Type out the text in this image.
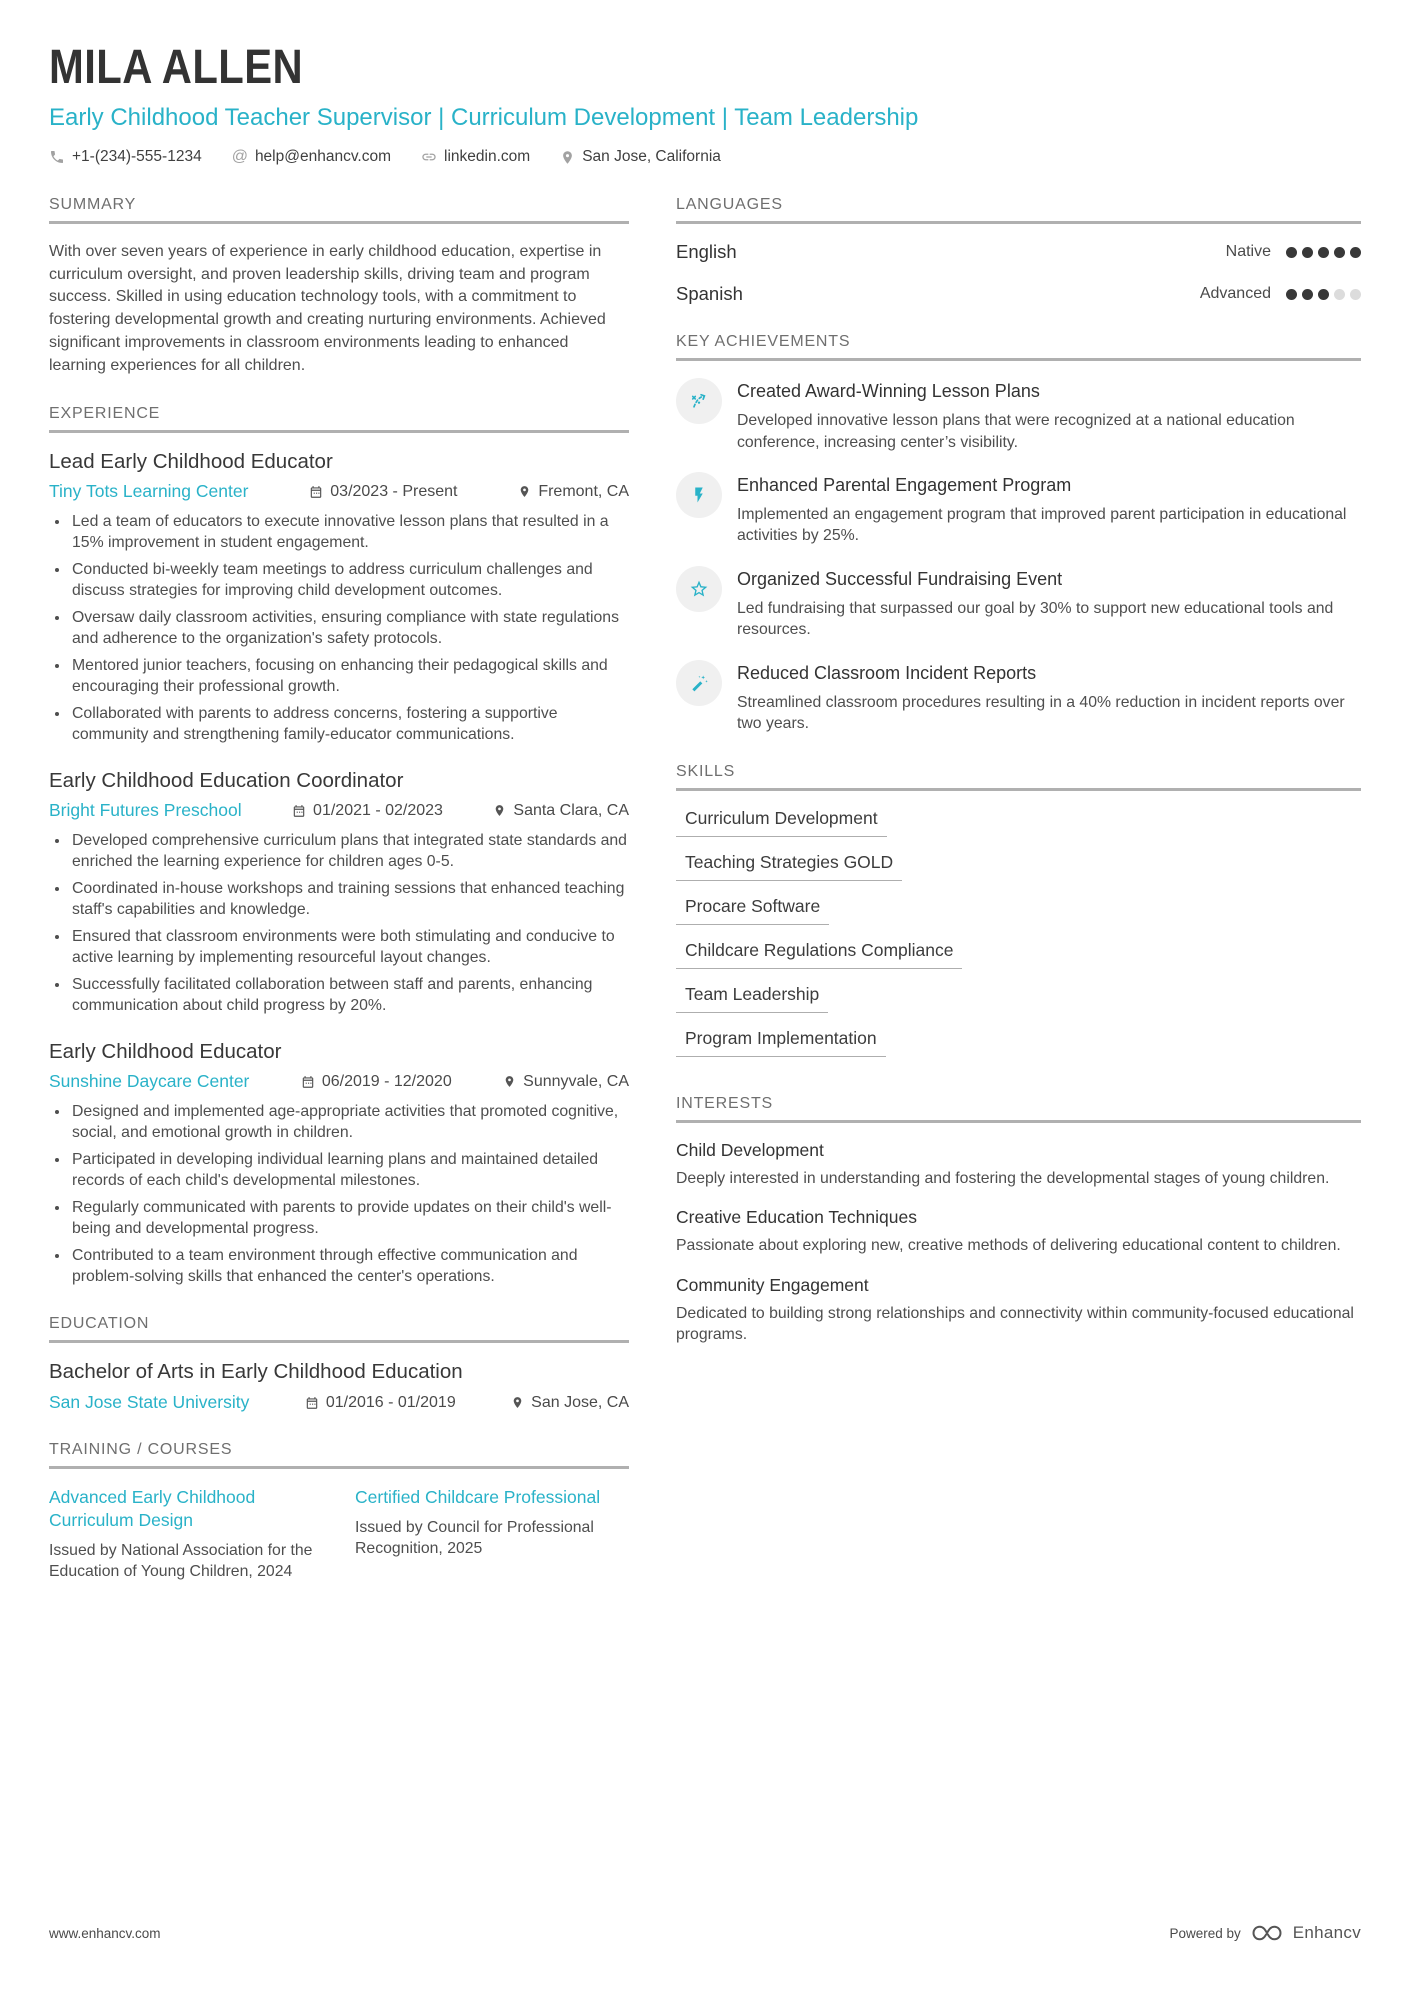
MILA ALLEN
Early Childhood Teacher Supervisor | Curriculum Development | Team Leadership
+1-(234)-555-1234 @ help@enhancv.com	linkedin.com	San Jose, California
SUMMARY
With over seven years of experience in early childhood education, expertise in curriculum oversight, and proven leadership skills, driving team and program success. Skilled in using education technology tools, with a commitment to fostering developmental growth and creating nurturing environments. Achieved significant improvements in classroom environments leading to enhanced learning experiences for all children.
EXPERIENCE
Lead Early Childhood Educator
Tiny Tots Learning Center	03/2023 - Present	Fremont, CA
• Led a team of educators to execute innovative lesson plans that resulted in a 15% improvement in student engagement.
• Conducted bi-weekly team meetings to address curriculum challenges and discuss strategies for improving child development outcomes.
• Oversaw daily classroom activities, ensuring compliance with state regulations and adherence to the organization's safety protocols.
• Mentored junior teachers, focusing on enhancing their pedagogical skills and encouraging their professional growth.
• Collaborated with parents to address concerns, fostering a supportive community and strengthening family-educator communications.
Early Childhood Education Coordinator
Bright Futures Preschool	01/2021 - 02/2023	Santa Clara, CA
• Developed comprehensive curriculum plans that integrated state standards and enriched the learning experience for children ages 0-5.
• Coordinated in-house workshops and training sessions that enhanced teaching staff's capabilities and knowledge.
• Ensured that classroom environments were both stimulating and conducive to active learning by implementing resourceful layout changes.
• Successfully facilitated collaboration between staff and parents, enhancing communication about child progress by 20%.
Early Childhood Educator
Sunshine Daycare Center	06/2019 - 12/2020	Sunnyvale, CA
• Designed and implemented age-appropriate activities that promoted cognitive, social, and emotional growth in children.
• Participated in developing individual learning plans and maintained detailed records of each child's developmental milestones.
• Regularly communicated with parents to provide updates on their child's well-being and developmental progress.
• Contributed to a team environment through effective communication and problem-solving skills that enhanced the center's operations.
EDUCATION
Bachelor of Arts in Early Childhood Education
San Jose State University	01/2016 - 01/2019	San Jose, CA
TRAINING / COURSES
Advanced Early Childhood Curriculum Design
Issued by National Association for the Education of Young Children, 2024
Certified Childcare Professional
Issued by Council for Professional Recognition, 2025
LANGUAGES
English	Native
Spanish	Advanced
KEY ACHIEVEMENTS
Created Award-Winning Lesson Plans
Developed innovative lesson plans that were recognized at a national education conference, increasing center’s visibility.
Enhanced Parental Engagement Program
Implemented an engagement program that improved parent participation in educational activities by 25%.
Organized Successful Fundraising Event
Led fundraising that surpassed our goal by 30% to support new educational tools and resources.
Reduced Classroom Incident Reports
Streamlined classroom procedures resulting in a 40% reduction in incident reports over two years.
SKILLS
Curriculum Development
Teaching Strategies GOLD
Procare Software
Childcare Regulations Compliance
Team Leadership
Program Implementation
INTERESTS
Child Development
Deeply interested in understanding and fostering the developmental stages of young children.
Creative Education Techniques
Passionate about exploring new, creative methods of delivering educational content to children.
Community Engagement
Dedicated to building strong relationships and connectivity within community-focused educational programs.
www.enhancv.com	Powered by	Enhancv
